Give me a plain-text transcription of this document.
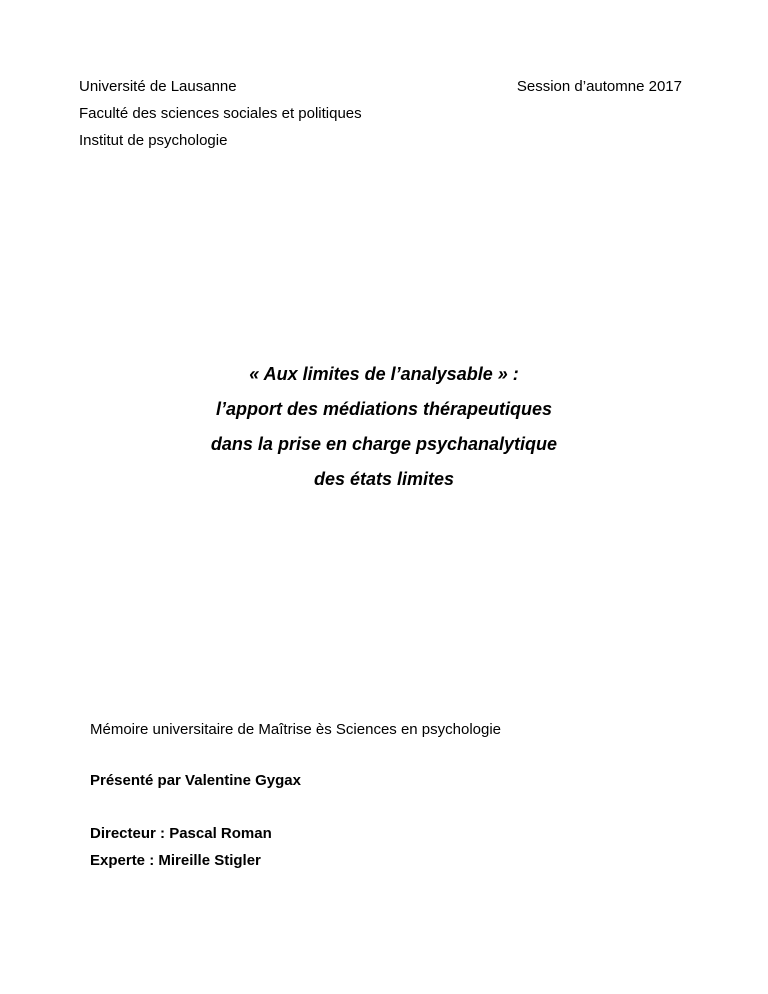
Université de Lausanne	Session d’automne 2017
Faculté des sciences sociales et politiques
Institut de psychologie
« Aux limites de l’analysable » :
l’apport des médiations thérapeutiques
dans la prise en charge psychanalytique
des états limites

Mémoire universitaire de Maîtrise ès Sciences en psychologie

Présenté par Valentine Gygax

Directeur : Pascal Roman

Experte : Mireille Stigler
